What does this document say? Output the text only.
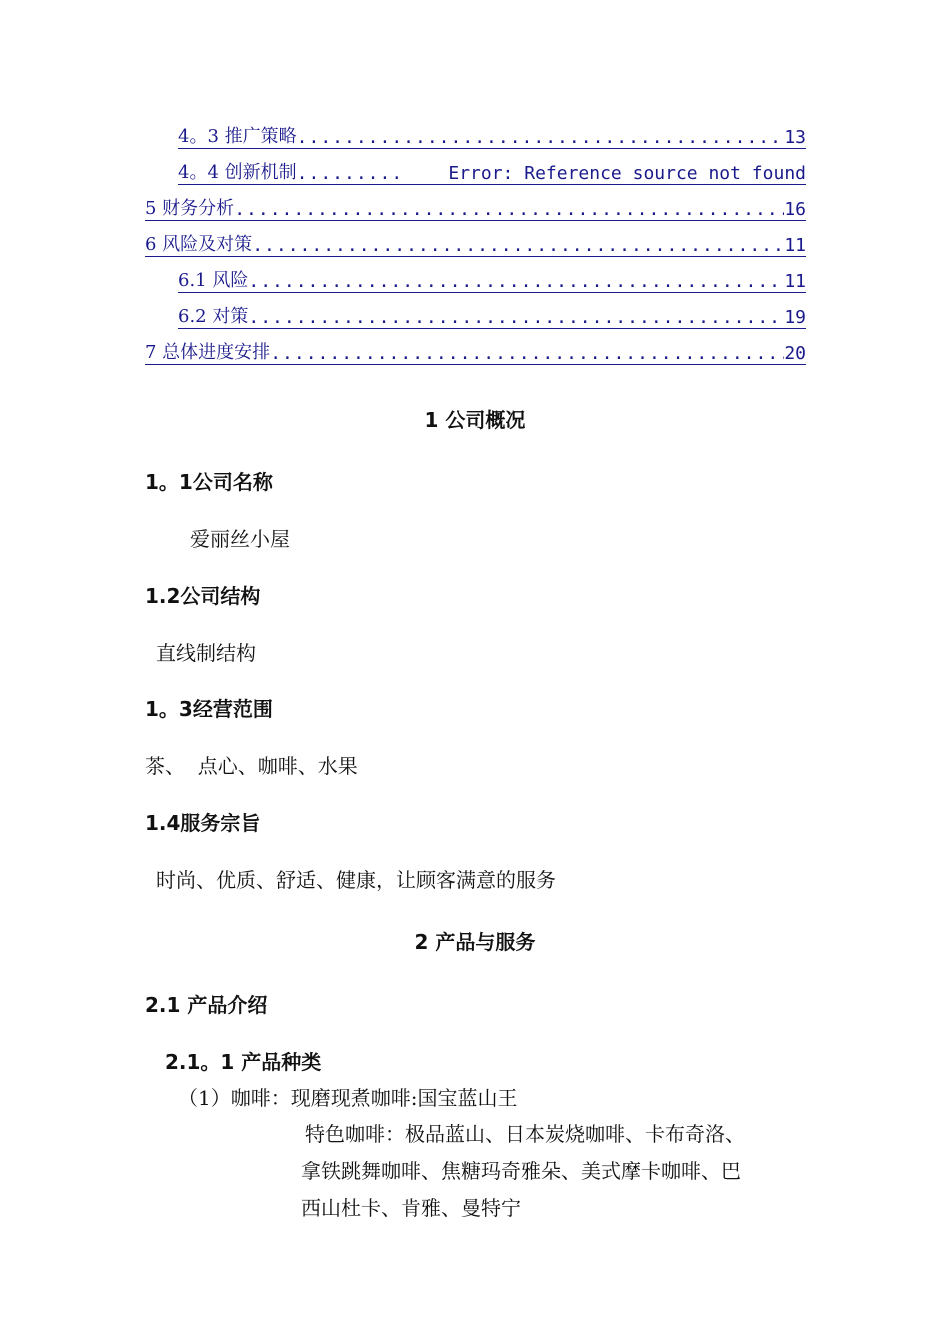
4。3 推广策略 .....	13
4。4 创新机制 .....	Error: Reference source not found
5 财务分析 .....	16
6 风险及对策 .....	11
6.1 风险 .....	11
6.2 对策 .....	19
7 总体进度安排 .....	20
1 公司概况
1。1公司名称
爱丽丝小屋
1.2公司结构
直线制结构
1。3经营范围
茶、  点心、咖啡、水果
1.4服务宗旨
时尚、优质、舒适、健康，让顾客满意的服务
2 产品与服务
2.1 产品介绍
2.1。1 产品种类
（1）咖啡：现磨现煮咖啡:国宝蓝山王
特色咖啡：极品蓝山、日本炭烧咖啡、卡布奇洛、
拿铁跳舞咖啡、焦糖玛奇雅朵、美式摩卡咖啡、巴
西山杜卡、肯雅、曼特宁
